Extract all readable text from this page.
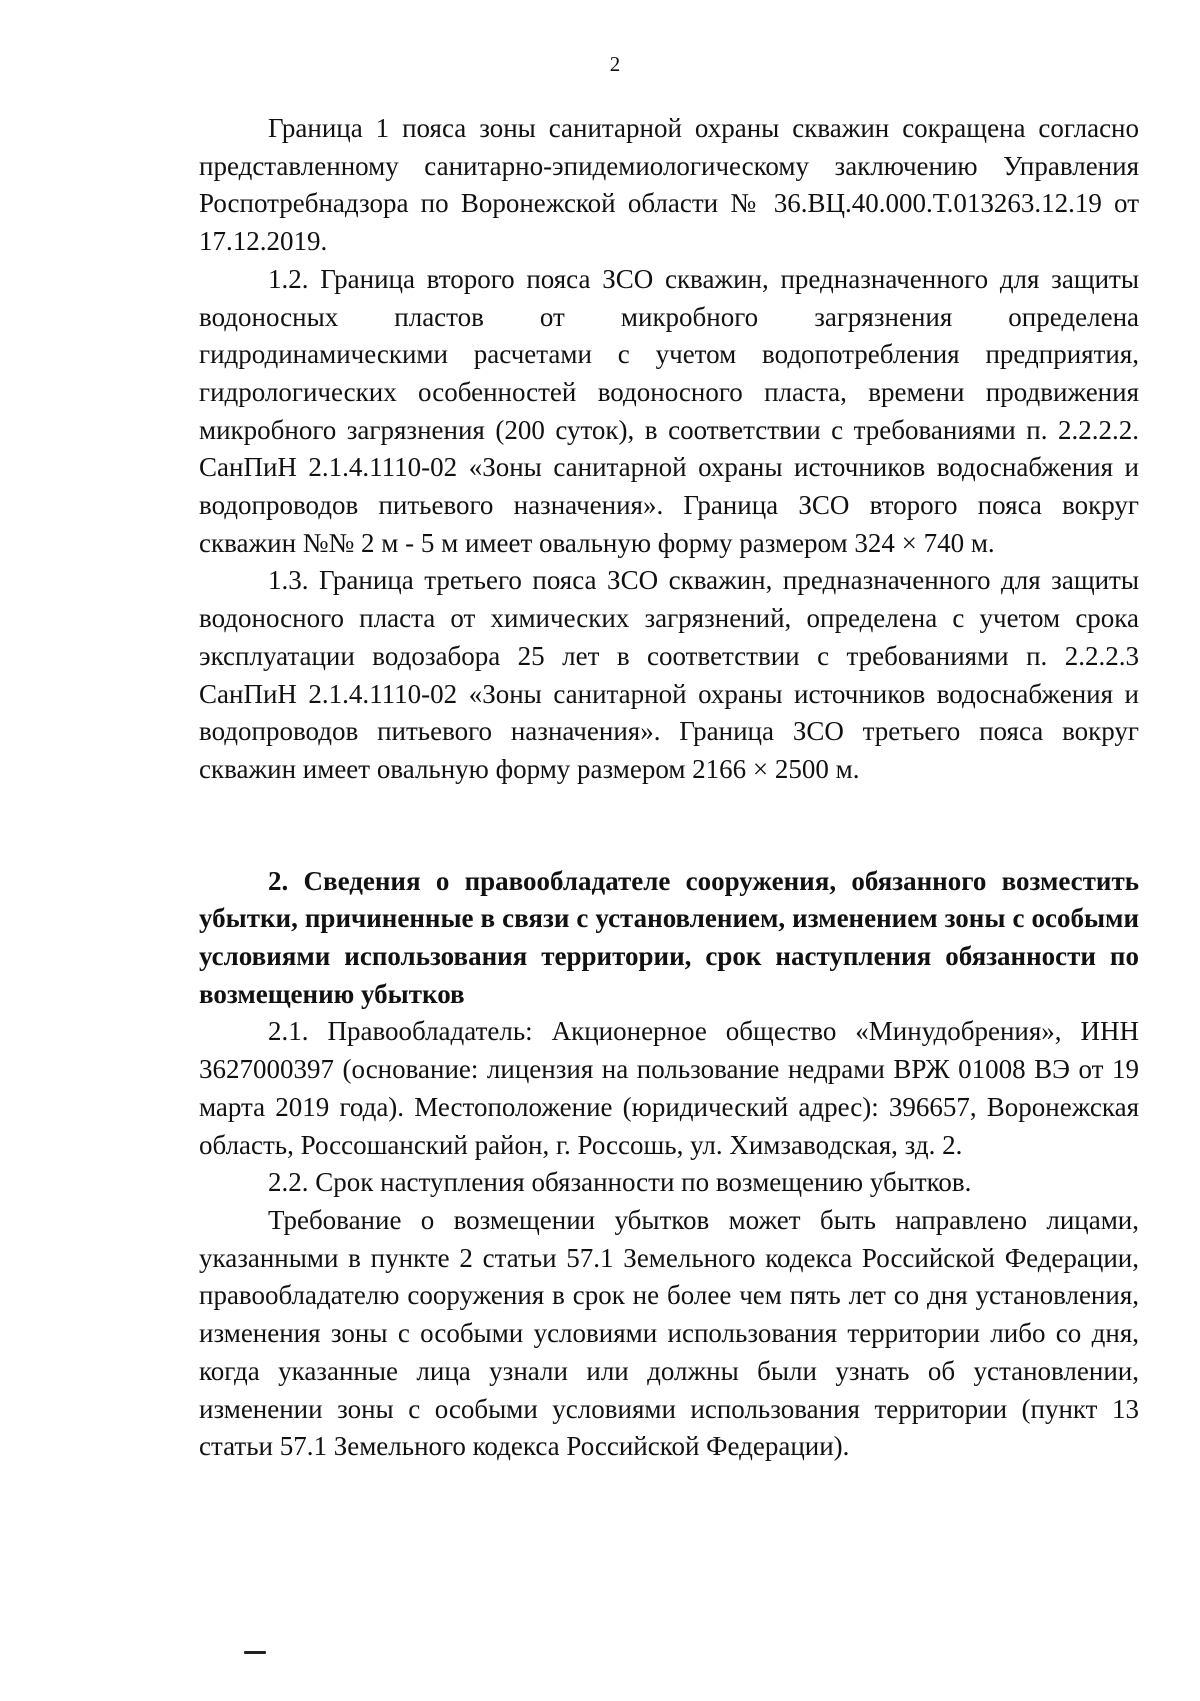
2

Граница 1 пояса зоны санитарной охраны скважин сокращена согласно представленному санитарно-эпидемиологическому заключению Управления Роспотребнадзора по Воронежской области № 36.ВЦ.40.000.Т.013263.12.19 от 17.12.2019.

1.2. Граница второго пояса ЗСО скважин, предназначенного для защиты водоносных пластов от микробного загрязнения определена гидродинамическими расчетами с учетом водопотребления предприятия, гидрологических особенностей водоносного пласта, времени продвижения микробного загрязнения (200 суток), в соответствии с требованиями п. 2.2.2.2. СанПиН 2.1.4.1110-02 «Зоны санитарной охраны источников водоснабжения и водопроводов питьевого назначения». Граница ЗСО второго пояса вокруг скважин №№ 2 м - 5 м имеет овальную форму размером 324 × 740 м.

1.3. Граница третьего пояса ЗСО скважин, предназначенного для защиты водоносного пласта от химических загрязнений, определена с учетом срока эксплуатации водозабора 25 лет в соответствии с требованиями п. 2.2.2.3 СанПиН 2.1.4.1110-02 «Зоны санитарной охраны источников водоснабжения и водопроводов питьевого назначения». Граница ЗСО третьего пояса вокруг скважин имеет овальную форму размером 2166 × 2500 м.

2. Сведения о правообладателе сооружения, обязанного возместить убытки, причиненные в связи с установлением, изменением зоны с особыми условиями использования территории, срок наступления обязанности по возмещению убытков

2.1. Правообладатель: Акционерное общество «Минудобрения», ИНН 3627000397 (основание: лицензия на пользование недрами ВРЖ 01008 ВЭ от 19 марта 2019 года). Местоположение (юридический адрес): 396657, Воронежская область, Россошанский район, г. Россошь, ул. Химзаводская, зд. 2.

2.2. Срок наступления обязанности по возмещению убытков.

Требование о возмещении убытков может быть направлено лицами, указанными в пункте 2 статьи 57.1 Земельного кодекса Российской Федерации, правообладателю сооружения в срок не более чем пять лет со дня установления, изменения зоны с особыми условиями использования территории либо со дня, когда указанные лица узнали или должны были узнать об установлении, изменении зоны с особыми условиями использования территории (пункт 13 статьи 57.1 Земельного кодекса Российской Федерации).
